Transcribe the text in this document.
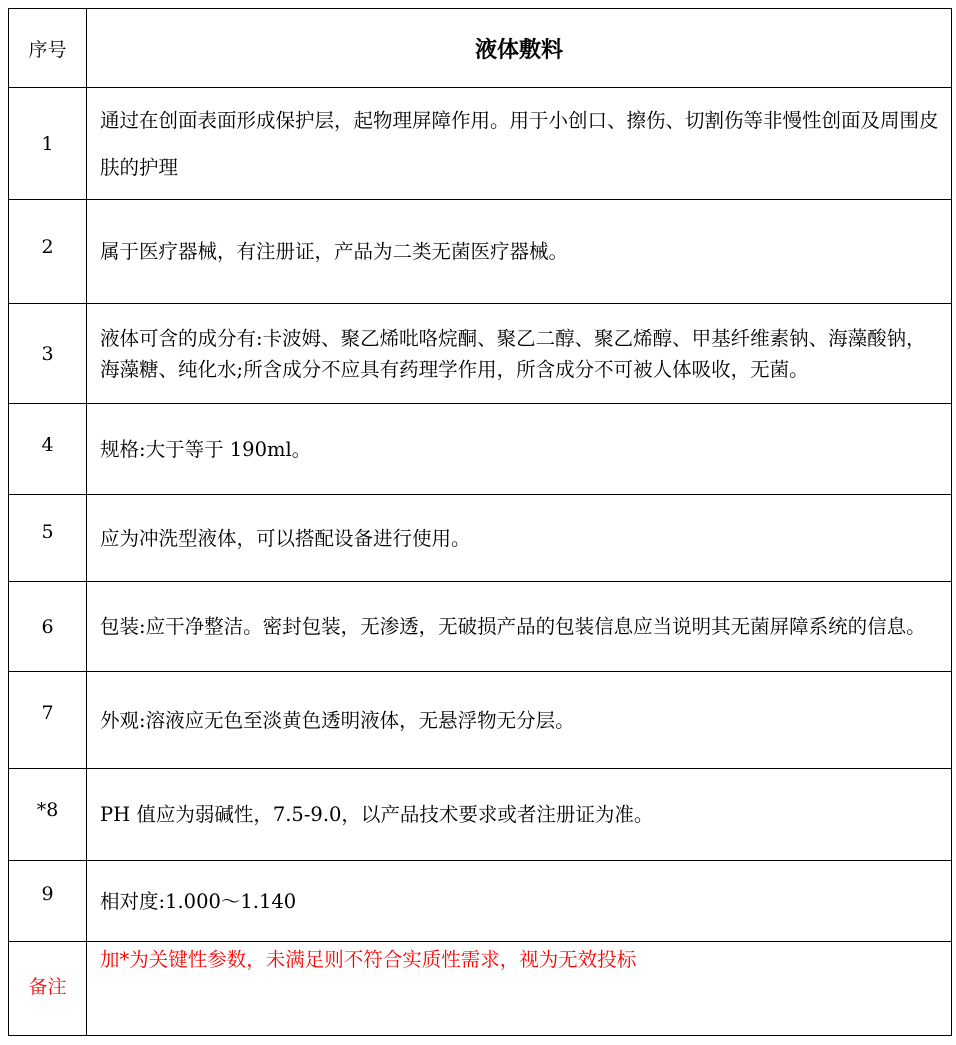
序号	液体敷料
1	通过在创面表面形成保护层，起物理屏障作用。用于小创口、擦伤、切割伤等非慢性创面及周围皮肤的护理
2	属于医疗器械，有注册证，产品为二类无菌医疗器械。
3	液体可含的成分有:卡波姆、聚乙烯吡咯烷酮、聚乙二醇、聚乙烯醇、甲基纤维素钠、海藻酸钠，海藻糖、纯化水;所含成分不应具有药理学作用，所含成分不可被人体吸收，无菌。
4	规格:大于等于 190ml。
5	应为冲洗型液体，可以搭配设备进行使用。
6	包装:应干净整洁。密封包装，无渗透，无破损产品的包装信息应当说明其无菌屏障系统的信息。
7	外观:溶液应无色至淡黄色透明液体，无悬浮物无分层。
*8	PH 值应为弱碱性，7.5-9.0，以产品技术要求或者注册证为准。
9	相对度:1.000～1.140
备注	加*为关键性参数，未满足则不符合实质性需求，视为无效投标
